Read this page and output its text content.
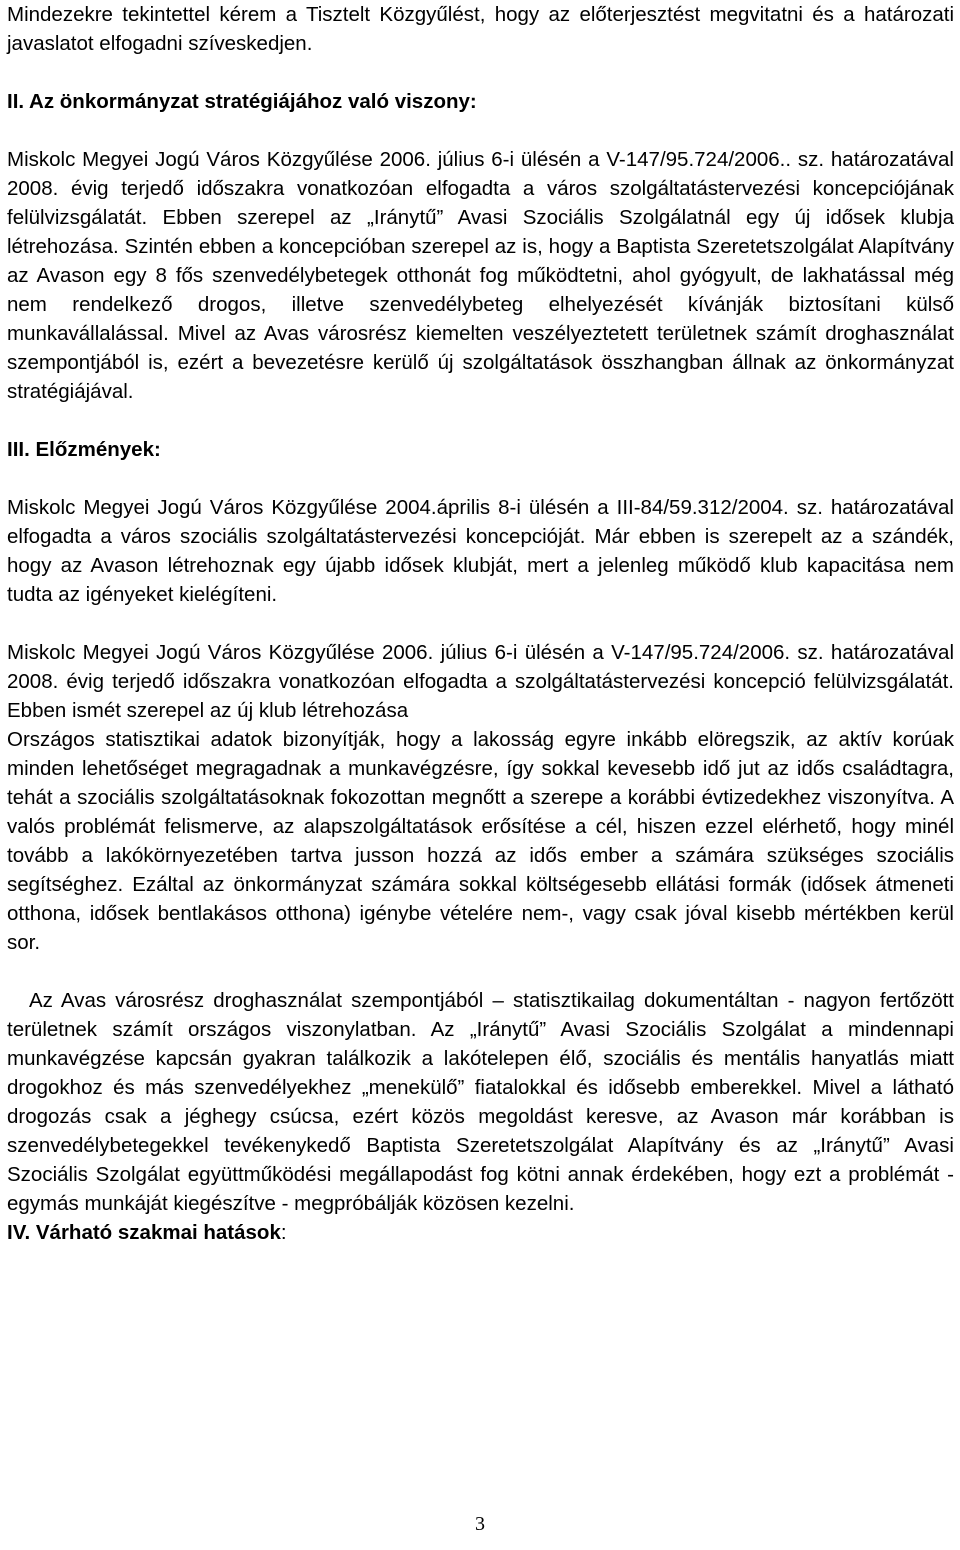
Mindezekre tekintettel kérem a Tisztelt Közgyűlést, hogy az előterjesztést megvitatni és a határozati javaslatot elfogadni szíveskedjen.

II. Az önkormányzat stratégiájához való viszony:

Miskolc Megyei Jogú Város Közgyűlése 2006. július 6-i ülésén a V-147/95.724/2006.. sz. határozatával 2008. évig terjedő időszakra vonatkozóan elfogadta a város szolgáltatástervezési koncepciójának felülvizsgálatát. Ebben szerepel az „Iránytű” Avasi Szociális Szolgálatnál egy új idősek klubja létrehozása. Szintén ebben a koncepcióban szerepel az is, hogy a Baptista Szeretetszolgálat Alapítvány az Avason egy 8 fős szenvedélybetegek otthonát fog működtetni, ahol gyógyult, de lakhatással még nem rendelkező drogos, illetve szenvedélybeteg elhelyezését kívánják biztosítani külső munkavállalással. Mivel az Avas városrész kiemelten veszélyeztetett területnek számít droghasználat szempontjából is, ezért a bevezetésre kerülő új szolgáltatások összhangban állnak az önkormányzat stratégiájával.

III. Előzmények:

Miskolc Megyei Jogú Város Közgyűlése 2004.április 8-i ülésén a III-84/59.312/2004. sz. határozatával elfogadta a város szociális szolgáltatástervezési koncepcióját. Már ebben is szerepelt az a szándék, hogy az Avason létrehoznak egy újabb idősek klubját, mert a jelenleg működő klub kapacitása nem tudta az igényeket kielégíteni.

Miskolc Megyei Jogú Város Közgyűlése 2006. július 6-i ülésén a V-147/95.724/2006. sz. határozatával 2008. évig terjedő időszakra vonatkozóan elfogadta a szolgáltatástervezési koncepció felülvizsgálatát. Ebben ismét szerepel az új klub létrehozása

Országos statisztikai adatok bizonyítják, hogy a lakosság egyre inkább elöregszik, az aktív korúak minden lehetőséget megragadnak a munkavégzésre, így sokkal kevesebb idő jut az idős családtagra, tehát a szociális szolgáltatásoknak fokozottan megnőtt a szerepe a korábbi évtizedekhez viszonyítva. A valós problémát felismerve, az alapszolgáltatások erősítése a cél, hiszen ezzel elérhető, hogy minél tovább a lakókörnyezetében tartva jusson hozzá az idős ember a számára szükséges szociális segítséghez. Ezáltal az önkormányzat számára sokkal költségesebb ellátási formák (idősek átmeneti otthona, idősek bentlakásos otthona) igénybe vételére nem-, vagy csak jóval kisebb mértékben kerül sor.

Az Avas városrész droghasználat szempontjából – statisztikailag dokumentáltan - nagyon fertőzött területnek számít országos viszonylatban. Az „Iránytű” Avasi Szociális Szolgálat a mindennapi munkavégzése kapcsán gyakran találkozik a lakótelepen élő, szociális és mentális hanyatlás miatt drogokhoz és más szenvedélyekhez „menekülő” fiatalokkal és idősebb emberekkel. Mivel a látható drogozás csak a jéghegy csúcsa, ezért közös megoldást keresve, az Avason már korábban is szenvedélybetegekkel tevékenykedő Baptista Szeretetszolgálat Alapítvány és az „Iránytű” Avasi Szociális Szolgálat együttműködési megállapodást fog kötni annak érdekében, hogy ezt a problémát - egymás munkáját kiegészítve - megpróbálják közösen kezelni.

IV. Várható szakmai hatások:

3
